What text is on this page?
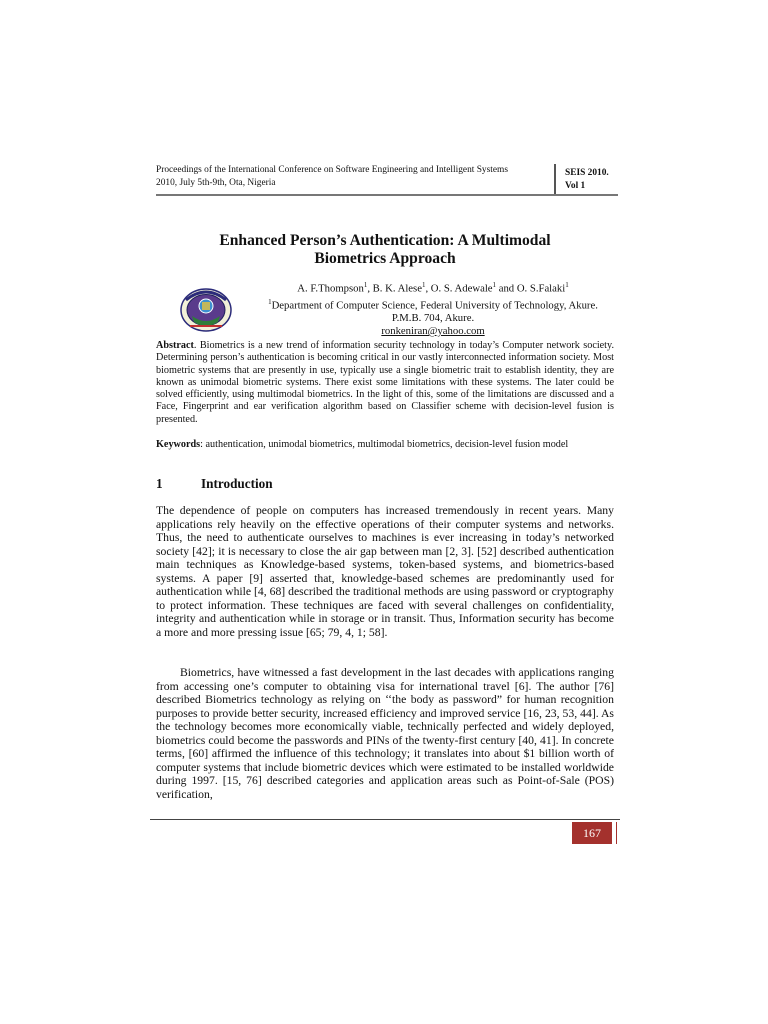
Proceedings of the International Conference on Software Engineering and Intelligent Systems
2010, July 5th-9th, Ota, Nigeria
SEIS 2010.
Vol 1
Enhanced Person’s Authentication: A Multimodal
Biometrics Approach
A. F.Thompson$^1$, B. K. Alese$^1$, O. S. Adewale$^1$ and O. S.Falaki$^1$
$^1$Department of Computer Science, Federal University of Technology, Akure.
P.M.B. 704, Akure.
ronkeniran@yahoo.com
Abstract. Biometrics is a new trend of information security technology in today’s Computer network society. Determining person’s authentication is becoming critical in our vastly interconnected information society. Most biometric systems that are presently in use, typically use a single biometric trait to establish identity, they are known as unimodal biometric systems. There exist some limitations with these systems. The later could be solved efficiently, using multimodal biometrics. In the light of this, some of the limitations are discussed and a Face, Fingerprint and ear verification algorithm based on Classifier scheme with decision-level fusion is presented.
Keywords: authentication, unimodal biometrics, multimodal biometrics, decision-level fusion model
1	Introduction
The dependence of people on computers has increased tremendously in recent years. Many applications rely heavily on the effective operations of their computer systems and networks. Thus, the need to authenticate ourselves to machines is ever increasing in today’s networked society [42]; it is necessary to close the air gap between man [2, 3]. [52] described authentication main techniques as Knowledge-based systems, token-based systems, and biometrics-based systems. A paper [9] asserted that, knowledge-based schemes are predominantly used for authentication while [4, 68] described the traditional methods are using password or cryptography to protect information. These techniques are faced with several challenges on confidentiality, integrity and authentication while in storage or in transit. Thus, Information security has become a more and more pressing issue [65; 79, 4, 1; 58].
Biometrics, have witnessed a fast development in the last decades with applications ranging from accessing one’s computer to obtaining visa for international travel [6]. The author [76] described Biometrics technology as relying on ‘‘the body as password” for human recognition purposes to provide better security, increased efficiency and improved service [16, 23, 53, 44]. As the technology becomes more economically viable, technically perfected and widely deployed, biometrics could become the passwords and PINs of the twenty-first century [40, 41]. In concrete terms, [60] affirmed the influence of this technology; it translates into about $1 billion worth of computer systems that include biometric devices which were estimated to be installed worldwide during 1997. [15, 76] described categories and application areas such as Point-of-Sale (POS) verification,
167
